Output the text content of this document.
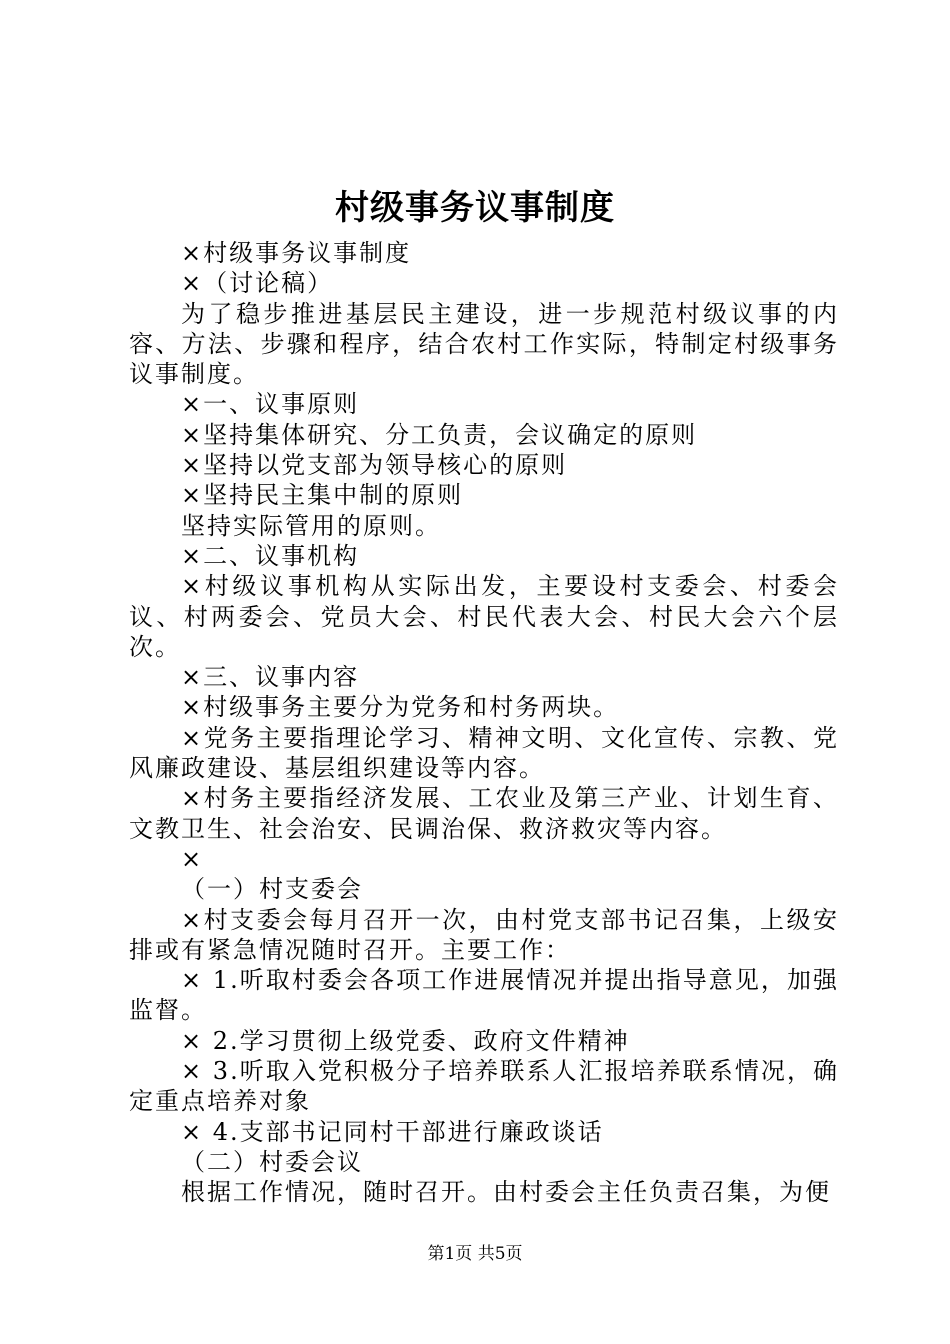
村级事务议事制度

×村级事务议事制度

×（讨论稿）

为了稳步推进基层民主建设，进一步规范村级议事的内容、方法、步骤和程序，结合农村工作实际，特制定村级事务议事制度。

×一、议事原则

×坚持集体研究、分工负责，会议确定的原则

×坚持以党支部为领导核心的原则

×坚持民主集中制的原则

坚持实际管用的原则。

×二、议事机构

×村级议事机构从实际出发，主要设村支委会、村委会议、村两委会、党员大会、村民代表大会、村民大会六个层次。

×三、议事内容

×村级事务主要分为党务和村务两块。

×党务主要指理论学习、精神文明、文化宣传、宗教、党风廉政建设、基层组织建设等内容。

×村务主要指经济发展、工农业及第三产业、计划生育、文教卫生、社会治安、民调治保、救济救灾等内容。

×

（一）村支委会

×村支委会每月召开一次，由村党支部书记召集，上级安排或有紧急情况随时召开。主要工作：

× 1.听取村委会各项工作进展情况并提出指导意见，加强监督。

× 2.学习贯彻上级党委、政府文件精神

× 3.听取入党积极分子培养联系人汇报培养联系情况，确定重点培养对象

× 4.支部书记同村干部进行廉政谈话

（二）村委会议

根据工作情况，随时召开。由村委会主任负责召集，为便

第1页 共5页
